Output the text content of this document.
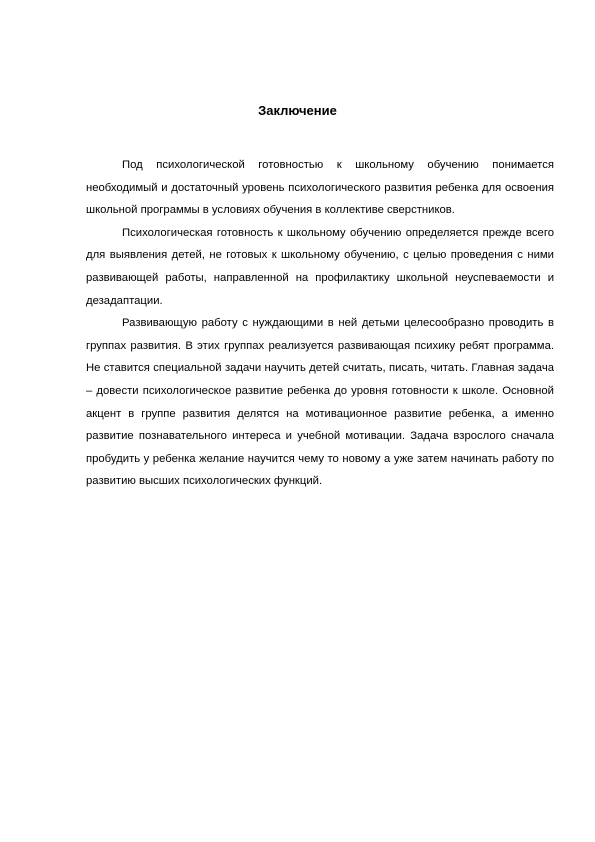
Заключение

Под психологической готовностью к школьному обучению понимается необходимый и достаточный уровень психологического развития ребенка для освоения школьной программы в условиях обучения в коллективе сверстников.

Психологическая готовность к школьному обучению определяется прежде всего для выявления детей, не готовых к школьному обучению, с целью проведения с ними развивающей работы, направленной на профилактику школьной неуспеваемости и дезадаптации.

Развивающую работу с нуждающими в ней детьми целесообразно проводить в группах развития. В этих группах реализуется развивающая психику ребят программа. Не ставится специальной задачи научить детей считать, писать, читать. Главная задача – довести психологическое развитие ребенка до уровня готовности к школе. Основной акцент в группе развития делятся на мотивационное развитие ребенка, а именно развитие познавательного интереса и учебной мотивации. Задача взрослого сначала пробудить у ребенка желание научится чему то новому а уже затем начинать работу по развитию высших психологических функций.
